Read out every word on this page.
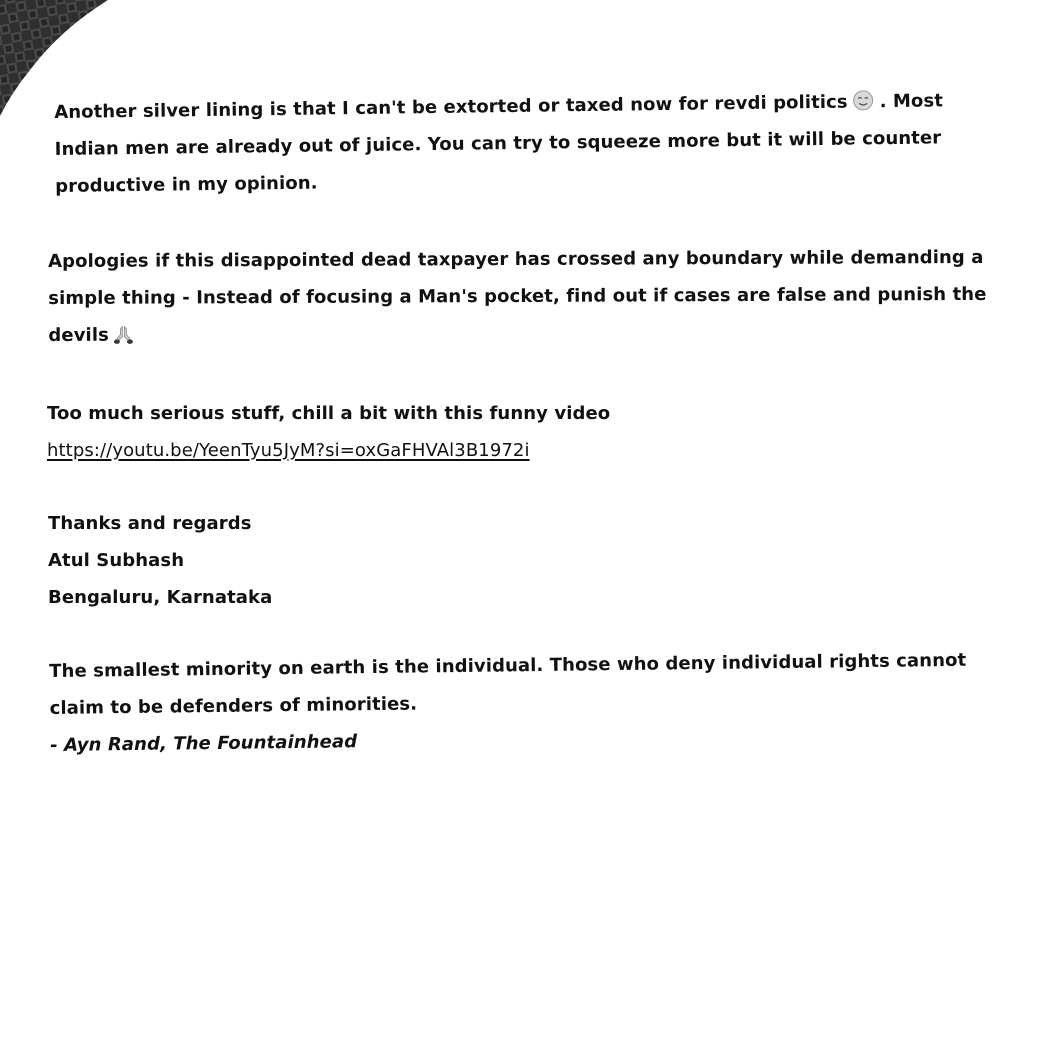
Another silver lining is that I can't be extorted or taxed now for revdi politics . Most
Indian men are already out of juice. You can try to squeeze more but it will be counter
productive in my opinion.
Apologies if this disappointed dead taxpayer has crossed any boundary while demanding a
simple thing - Instead of focusing a Man's pocket, find out if cases are false and punish the
devils
Too much serious stuff, chill a bit with this funny video
https://youtu.be/YeenTyu5JyM?si=oxGaFHVAl3B1972i
Thanks and regards
Atul Subhash
Bengaluru, Karnataka
The smallest minority on earth is the individual. Those who deny individual rights cannot
claim to be defenders of minorities.
- Ayn Rand, The Fountainhead
